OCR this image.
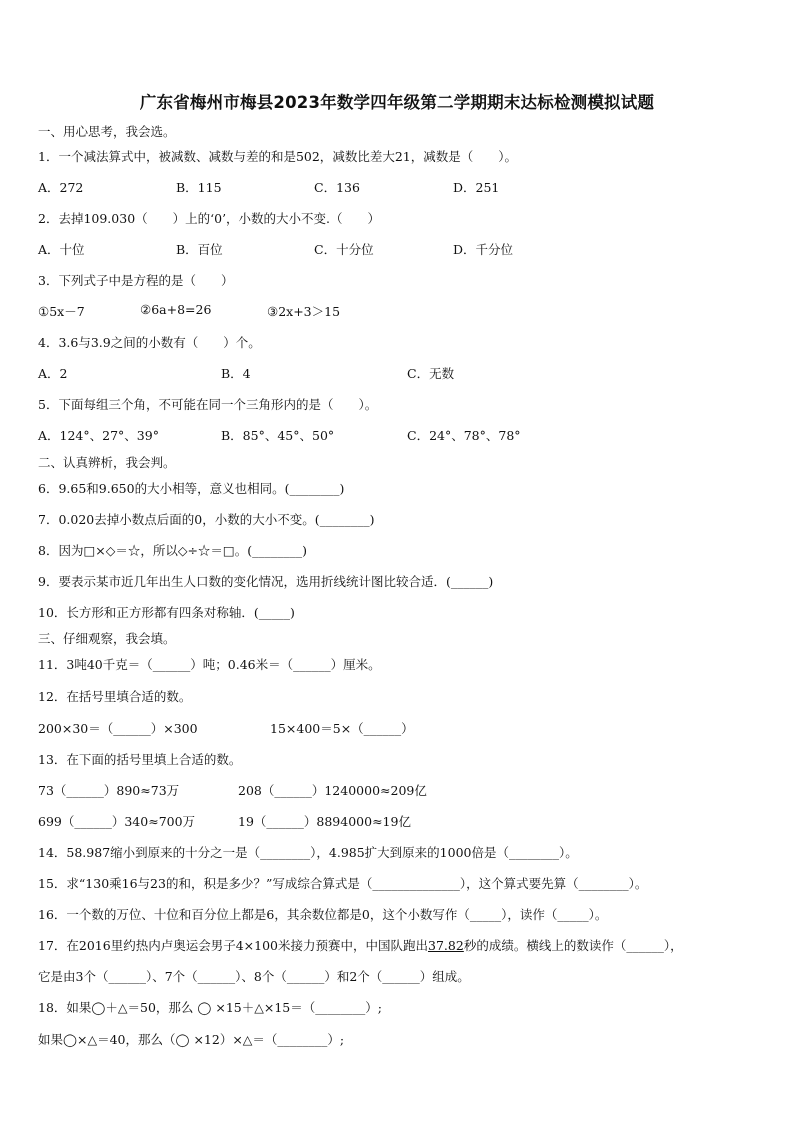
广东省梅州市梅县2023年数学四年级第二学期期末达标检测模拟试题
一、用心思考，我会选。
1．一个减法算式中，被减数、减数与差的和是502，减数比差大21，减数是（　　）。
A．272	B．115	C．136	D．251
2．去掉109.030（　　）上的‘0’，小数的大小不变.（　　）
A．十位	B．百位	C．十分位	D．千分位
3．下列式子中是方程的是（　　）
①5x－7	②6a+8=26	③2x+3＞15
4．3.6与3.9之间的小数有（　　）个。
A．2	B．4	C．无数
5．下面每组三个角，不可能在同一个三角形内的是（　　）。
A．124°、27°、39°	B．85°、45°、50°	C．24°、78°、78°
二、认真辨析，我会判。
6．9.65和9.650的大小相等，意义也相同。(________)
7．0.020去掉小数点后面的0，小数的大小不变。(________)
8．因为□×◇＝☆，所以◇÷☆＝□。(________)
9．要表示某市近几年出生人口数的变化情况，选用折线统计图比较合适．(______)
10．长方形和正方形都有四条对称轴．(_____)
三、仔细观察，我会填。
11．3吨40千克＝（______）吨；0.46米＝（______）厘米。
12．在括号里填合适的数。
200×30＝（______）×300	15×400＝5×（______）
13．在下面的括号里填上合适的数。
73（______）890≈73万	208（______）1240000≈209亿
699（______）340≈700万	19（______）8894000≈19亿
14．58.987缩小到原来的十分之一是（________），4.985扩大到原来的1000倍是（________）。
15．求“130乘16与23的和，积是多少？”写成综合算式是（______________），这个算式要先算（________）。
16．一个数的万位、十位和百分位上都是6，其余数位都是0，这个小数写作（_____），读作（_____）。
17．在2016里约热内卢奥运会男子4×100米接力预赛中，中国队跑出37.82秒的成绩。横线上的数读作（______），
它是由3个（______）、7个（______）、8个（______）和2个（______）组成。
18．如果◯＋△＝50，那么 ◯ ×15＋△×15＝（________）;
如果◯×△＝40，那么（◯ ×12）×△＝（________）;
